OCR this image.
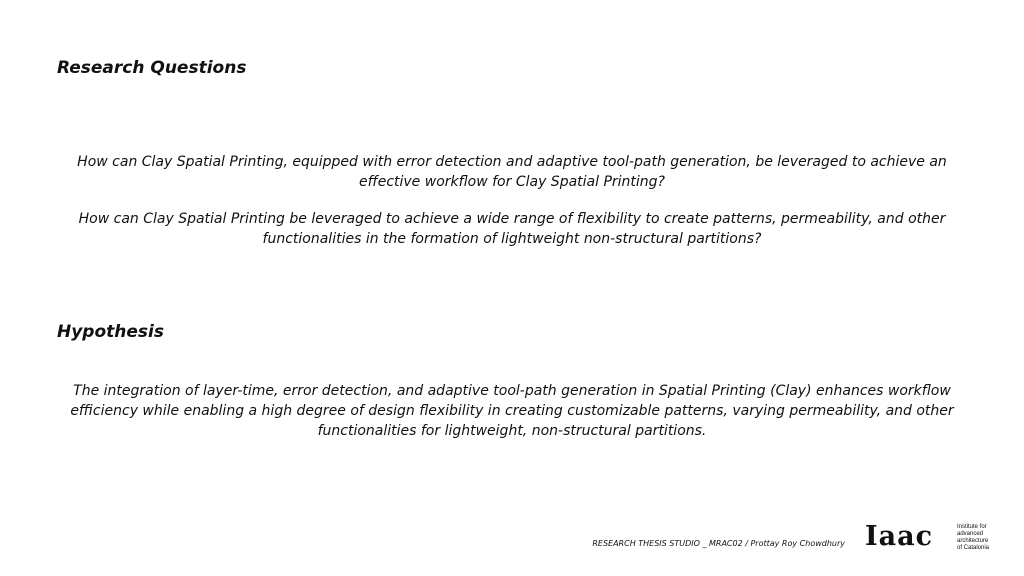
Research Questions

How can Clay Spatial Printing, equipped with error detection and adaptive tool-path generation, be leveraged to achieve an effective workflow for Clay Spatial Printing?

How can Clay Spatial Printing be leveraged to achieve a wide range of flexibility to create patterns, permeability, and other functionalities in the formation of lightweight non-structural partitions?

Hypothesis

The integration of layer-time, error detection, and adaptive tool-path generation in Spatial Printing (Clay) enhances workflow efficiency while enabling a high degree of design flexibility in creating customizable patterns, varying permeability, and other functionalities for lightweight, non-structural partitions.

RESEARCH THESIS STUDIO _ MRAC02 / Prottay Roy Chowdhury Iaac	Institute for
advanced
architecture
of Catalonia
